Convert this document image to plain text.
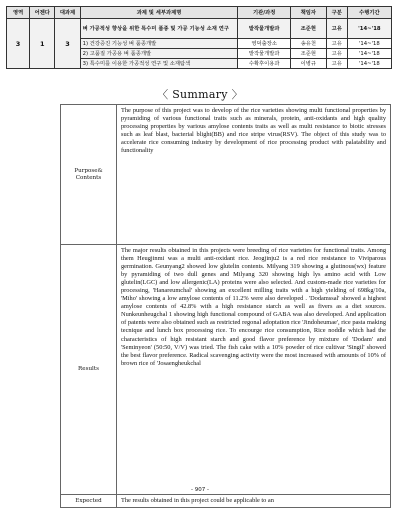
영역	어젠다	대과제	과제 및 세부과제명	기관/과정	책임자	구분	수행기간
3	1	3	벼 가공적성 향상을 위한 특수미 품종 및 가공 기능성 소재 연구	밭작물개발과	조준현	고유	'14~'18
			1) 건강증진 기능성 벼 품종개발	영덕출장소	송유천	고유	'14~'18
			2) 고품질 가공용 벼 품종개발	밭작물개발과	조준현	고유	'14~'18
			3) 특수미를 이용한 가공적성 연구 및 소재탐색	수확후이용과	이병규	고유	'14~'18
〈 Summary 〉
Purpose& Contents	The purpose of this project was to develop of the rice varieties showing multi functional properties by pyramiding of various functional traits such as minerals, protein, anti-oxidants and high quality processing properties by various amylose contents traits as well as multi resistance to biotic stresses such as leaf blast, bacterial blight(BB) and rice stripe virus(RSV). The object of this study was to accelerate rice consuming industry by development of rice processing product with palatability and functionality
Results	The major results obtained in this projects were breeding of rice varieties for functional traits. Among them Heugjinmi was a multi anti-oxidant rice. Jeogjinju2 is a red rice resistance to Viviparous germination. Geunyang2 showed low glutelin contents. Milyang 319 showing a glutinous(wx) feature by pyramiding of two dull genes and Milyang 320 showing high lys amino acid with Low glutelin(LGC) and low allergenic(LA) proteins were also selected. And custom-made rice varieties for processing, 'Hanareumchal' showing an excellent milling traits with a high yielding of 698kg/10a, 'Miho' showing a low amylose contents of 11.2% were also developed . 'Dodamssal' showed a highest amylose contents of 42.8% with a high resistance starch as well as fivers as a diet sources. Nunkeunheugchal 1 showing high functional compound of GABA was also developed. And application of patents were also obtained such as restricted regonal adoptation rice 'Jindoheumae', rice pasta making tecnique and lunch box processing rice. To encourge rice consumption, Rice noddle which had the characteristics of high resistant starch and good flavor preference by mixture of 'Dodam' and 'Seminyeon' (50:50, V/V) was tried. The fish cake with a 10% powder of rice cultivar 'Singil' showed the best flavor preference. Radical scavenging activity were the most increased with amounts of 10% of brown rice of 'Josaengheukchal
Expected	The results obtained in this project could be applicable to an
- 907 -
